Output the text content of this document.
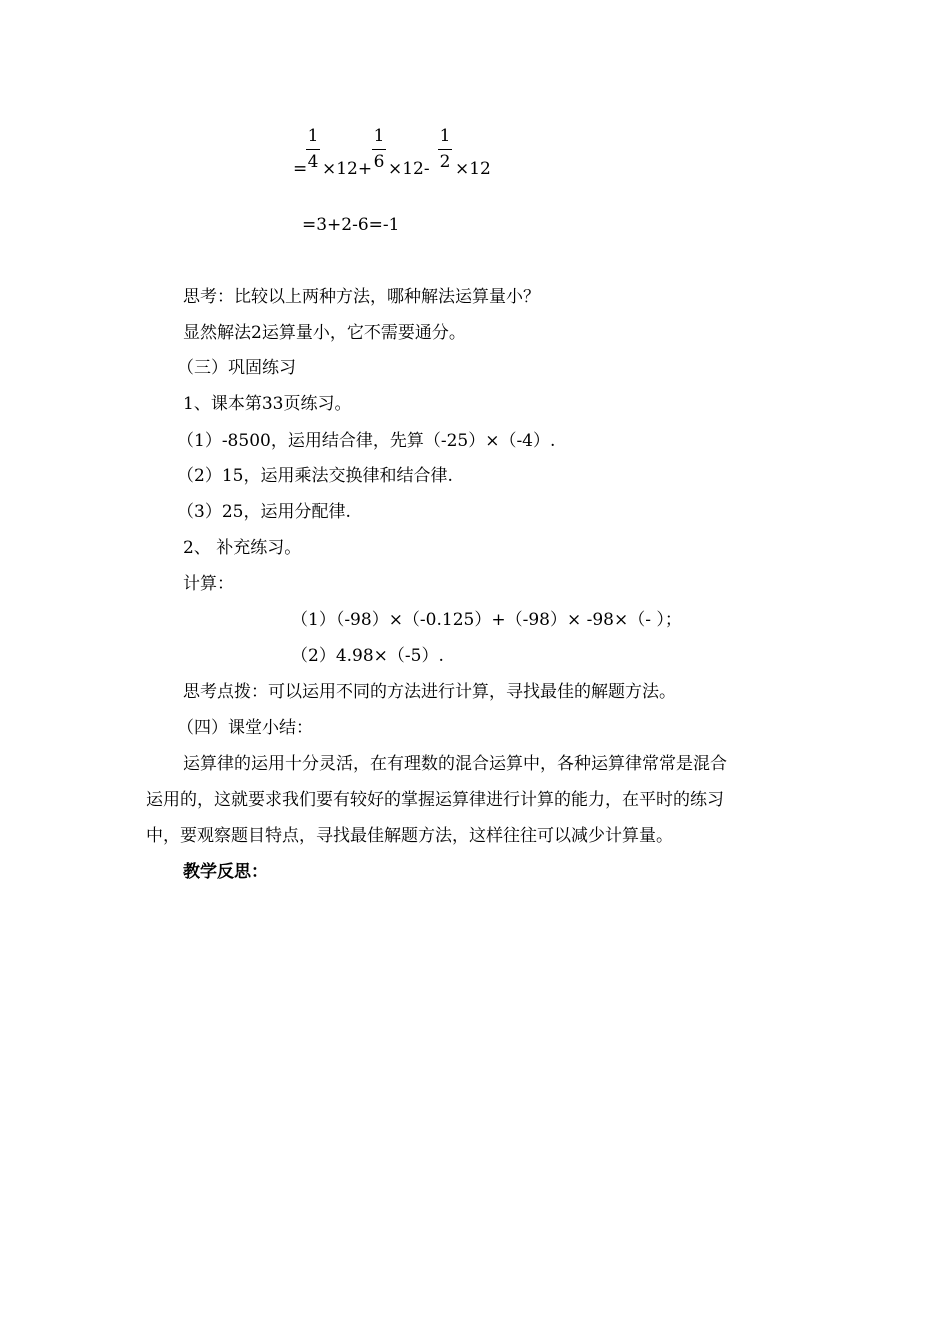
=
1
4 ×12+
1
6 ×12-
1
2 ×12
=3+2-6=-1
思考：比较以上两种方法，哪种解法运算量小？
显然解法2运算量小，它不需要通分。
（三）巩固练习
1、课本第33页练习。
（1）-8500，运用结合律，先算（-25）×（-4）.
（2）15，运用乘法交换律和结合律.
（3）25，运用分配律.
2、 补充练习。
计算：
（1）（-98）×（-0.125）+（-98）× -98×（- ）；
（2）4.98×（-5）.
思考点拨：可以运用不同的方法进行计算，寻找最佳的解题方法。
（四）课堂小结：
运算律的运用十分灵活，在有理数的混合运算中，各种运算律常常是混合
运用的，这就要求我们要有较好的掌握运算律进行计算的能力，在平时的练习
中，要观察题目特点，寻找最佳解题方法，这样往往可以减少计算量。
教学反思：
